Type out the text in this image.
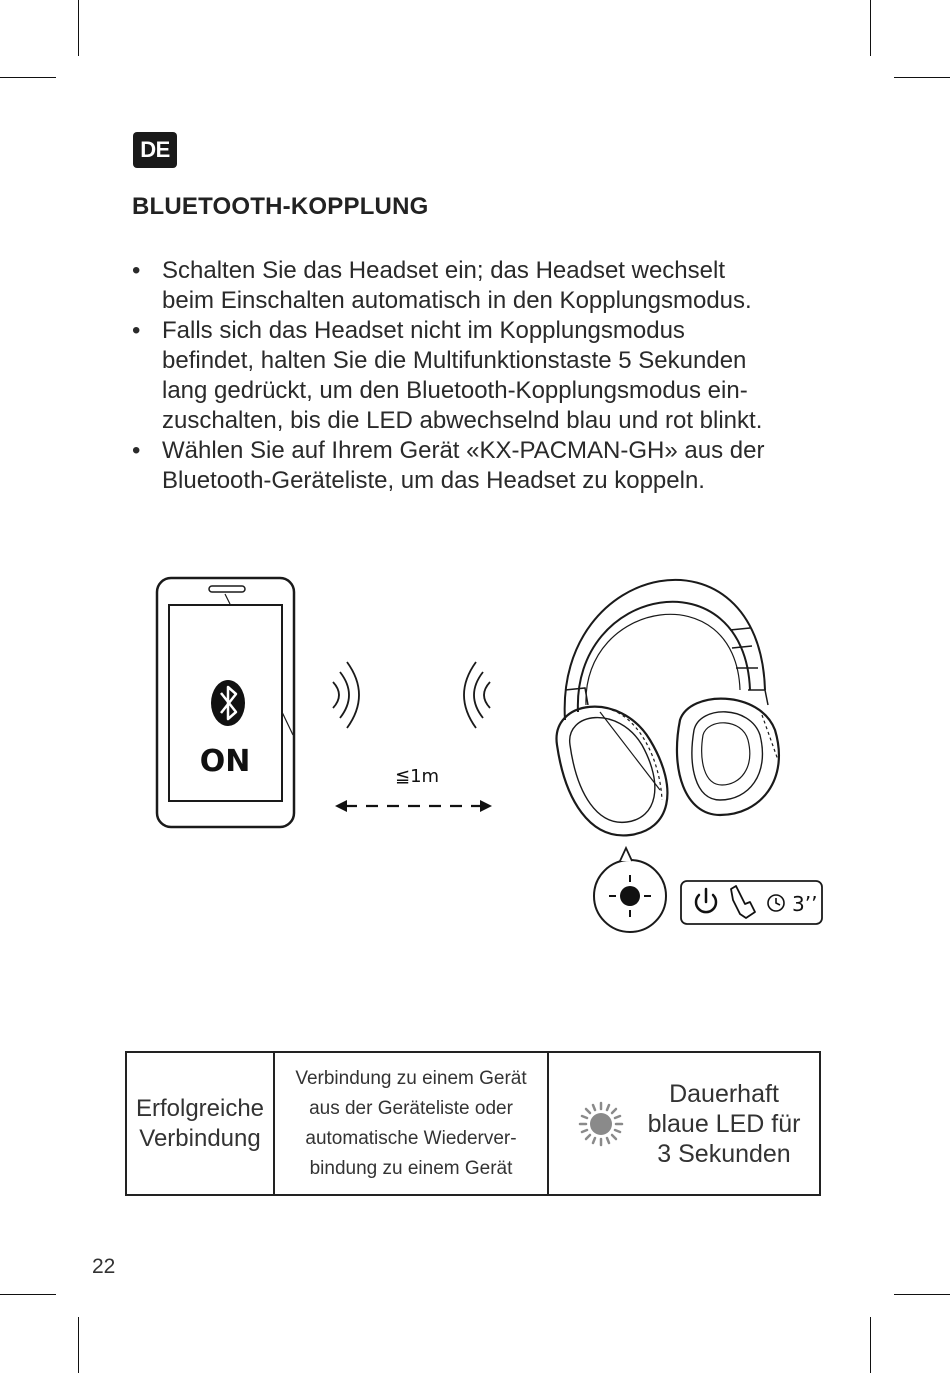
DE
BLUETOOTH-KOPPLUNG
• Schalten Sie das Headset ein; das Headset wechselt
beim Einschalten automatisch in den Kopplungsmodus.
• Falls sich das Headset nicht im Kopplungsmodus
befindet, halten Sie die Multifunktionstaste 5 Sekunden
lang gedrückt, um den Bluetooth-Kopplungsmodus ein-
zuschalten, bis die LED abwechselnd blau und rot blinkt.
• Wählen Sie auf Ihrem Gerät «KX-PACMAN-GH» aus der
Bluetooth-Geräteliste, um das Headset zu koppeln.
ON	≦1m
3’’
Erfolgreiche
Verbindung

Verbindung zu einem Gerät
aus der Geräteliste oder
automatische Wiederver-
bindung zu einem Gerät

Dauerhaft
blaue LED für
3 Sekunden
22
